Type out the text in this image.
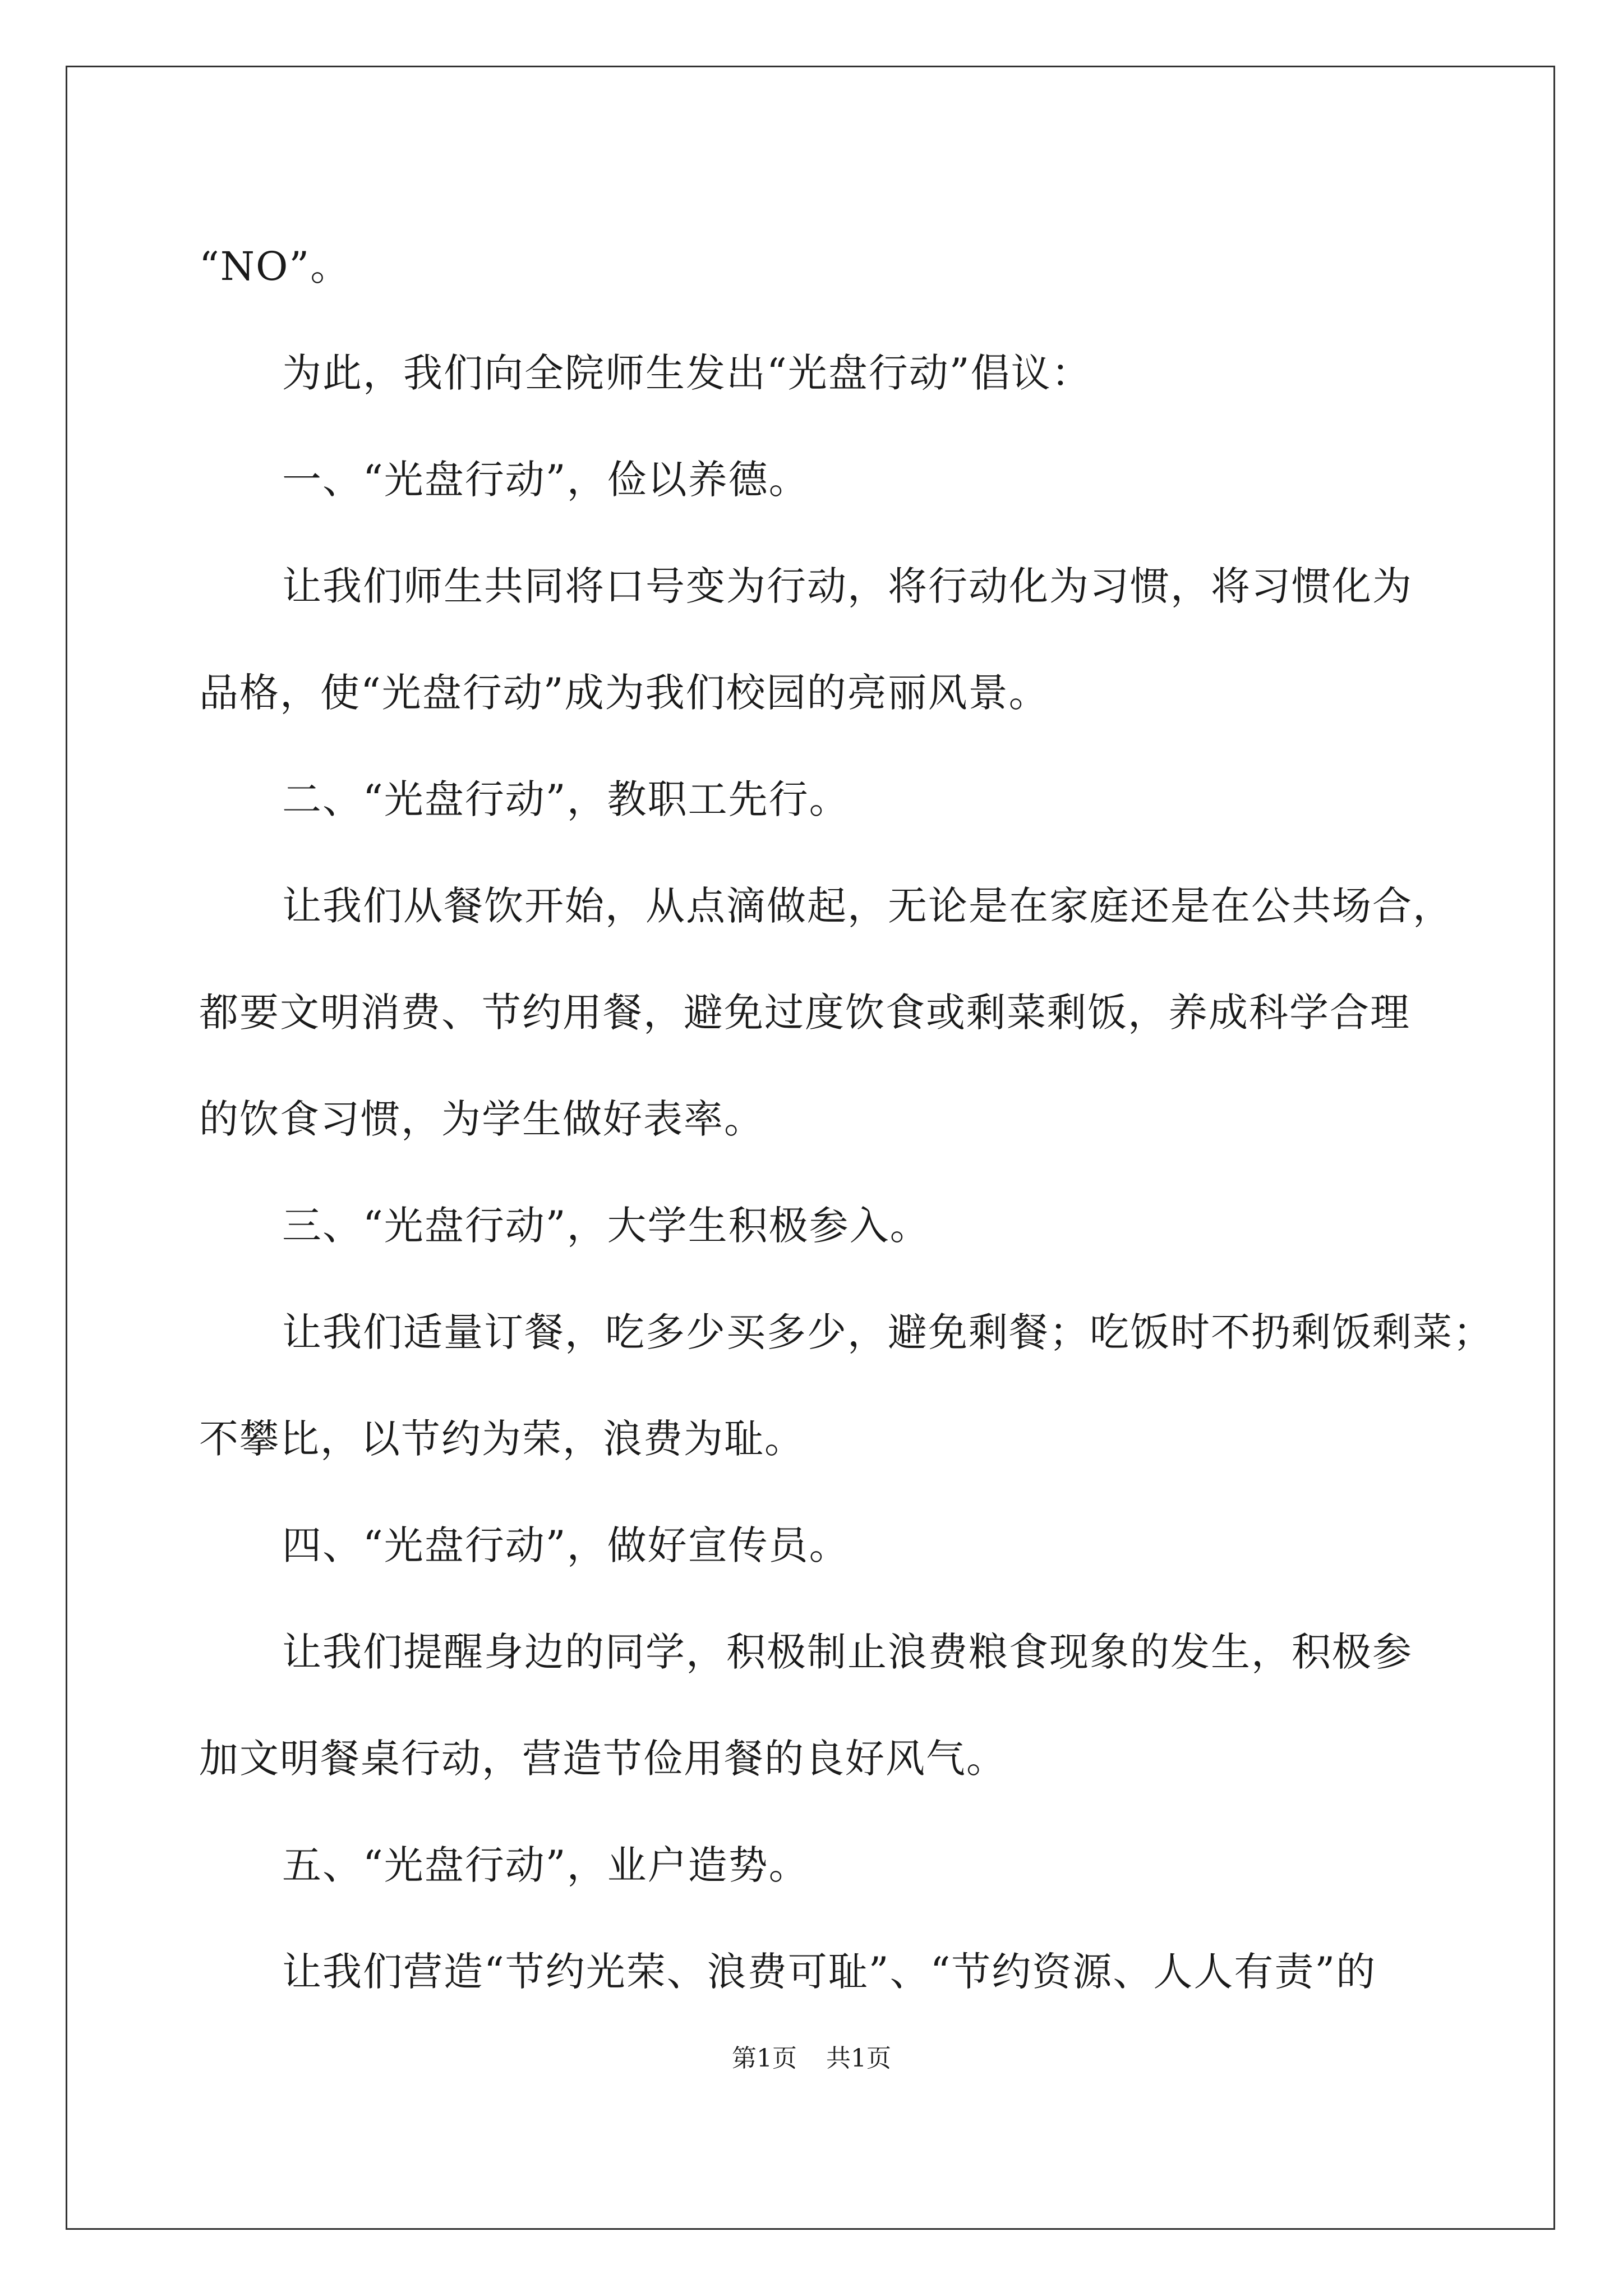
“NO”。

为此，我们向全院师生发出“光盘行动”倡议：

一、“光盘行动”，俭以养德。

让我们师生共同将口号变为行动，将行动化为习惯，将习惯化为

品格，使“光盘行动”成为我们校园的亮丽风景。

二、“光盘行动”，教职工先行。

让我们从餐饮开始，从点滴做起，无论是在家庭还是在公共场合，

都要文明消费、节约用餐，避免过度饮食或剩菜剩饭，养成科学合理

的饮食习惯，为学生做好表率。

三、“光盘行动”，大学生积极参入。

让我们适量订餐，吃多少买多少，避免剩餐；吃饭时不扔剩饭剩菜；

不攀比，以节约为荣，浪费为耻。

四、“光盘行动”，做好宣传员。

让我们提醒身边的同学，积极制止浪费粮食现象的发生，积极参

加文明餐桌行动，营造节俭用餐的良好风气。

五、“光盘行动”，业户造势。

让我们营造“节约光荣、浪费可耻”、“节约资源、人人有责”的

第1页 共1页
